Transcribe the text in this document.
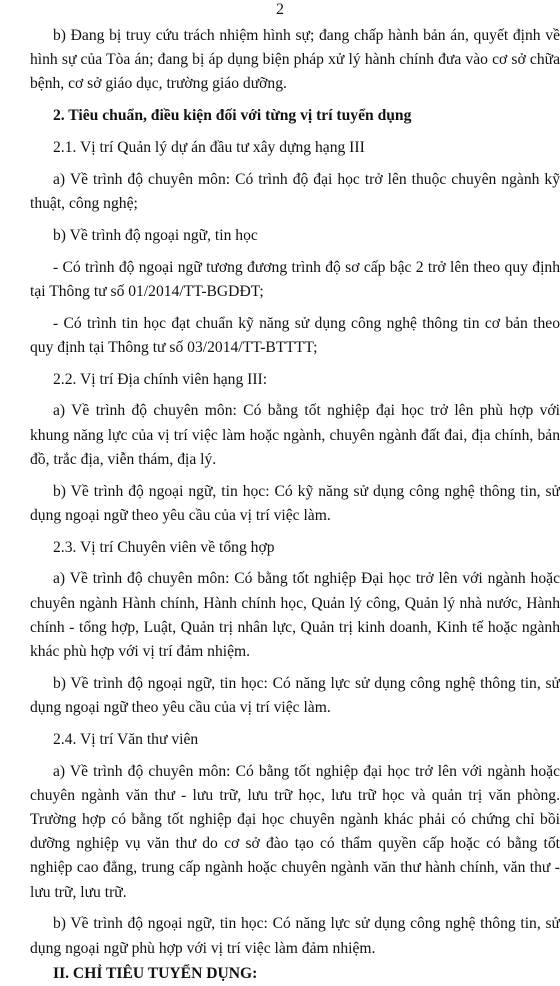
2

b) Đang bị truy cứu trách nhiệm hình sự; đang chấp hành bản án, quyết định về hình sự của Tòa án; đang bị áp dụng biện pháp xử lý hành chính đưa vào cơ sở chữa bệnh, cơ sở giáo dục, trường giáo dưỡng.

2. Tiêu chuẩn, điều kiện đối với từng vị trí tuyển dụng

2.1. Vị trí Quản lý dự án đầu tư xây dựng hạng III

a) Về trình độ chuyên môn: Có trình độ đại học trở lên thuộc chuyên ngành kỹ thuật, công nghệ;

b) Về trình độ ngoại ngữ, tin học

- Có trình độ ngoại ngữ tương đương trình độ sơ cấp bậc 2 trở lên theo quy định tại Thông tư số 01/2014/TT-BGDĐT;

- Có trình tin học đạt chuẩn kỹ năng sử dụng công nghệ thông tin cơ bản theo quy định tại Thông tư số 03/2014/TT-BTTTT;

2.2. Vị trí Địa chính viên hạng III:

a) Về trình độ chuyên môn: Có bằng tốt nghiệp đại học trở lên phù hợp với khung năng lực của vị trí việc làm hoặc ngành, chuyên ngành đất đai, địa chính, bản đồ, trắc địa, viễn thám, địa lý.

b) Về trình độ ngoại ngữ, tin học: Có kỹ năng sử dụng công nghệ thông tin, sử dụng ngoại ngữ theo yêu cầu của vị trí việc làm.

2.3. Vị trí Chuyên viên về tổng hợp

a) Về trình độ chuyên môn: Có bằng tốt nghiệp Đại học trở lên với ngành hoặc chuyên ngành Hành chính, Hành chính học, Quản lý công, Quản lý nhà nước, Hành chính - tổng hợp, Luật, Quản trị nhân lực, Quản trị kinh doanh, Kinh tế hoặc ngành khác phù hợp với vị trí đảm nhiệm.

b) Về trình độ ngoại ngữ, tin học: Có năng lực sử dụng công nghệ thông tin, sử dụng ngoại ngữ theo yêu cầu của vị trí việc làm.

2.4. Vị trí Văn thư viên

a) Về trình độ chuyên môn: Có bằng tốt nghiệp đại học trở lên với ngành hoặc chuyên ngành văn thư - lưu trữ, lưu trữ học, lưu trữ học và quản trị văn phòng. Trường hợp có bằng tốt nghiệp đại học chuyên ngành khác phải có chứng chỉ bồi dưỡng nghiệp vụ văn thư do cơ sở đào tạo có thẩm quyền cấp hoặc có bằng tốt nghiệp cao đẳng, trung cấp ngành hoặc chuyên ngành văn thư hành chính, văn thư - lưu trữ, lưu trữ.

b) Về trình độ ngoại ngữ, tin học: Có năng lực sử dụng công nghệ thông tin, sử dụng ngoại ngữ phù hợp với vị trí việc làm đảm nhiệm.

II. CHỈ TIÊU TUYỂN DỤNG:
